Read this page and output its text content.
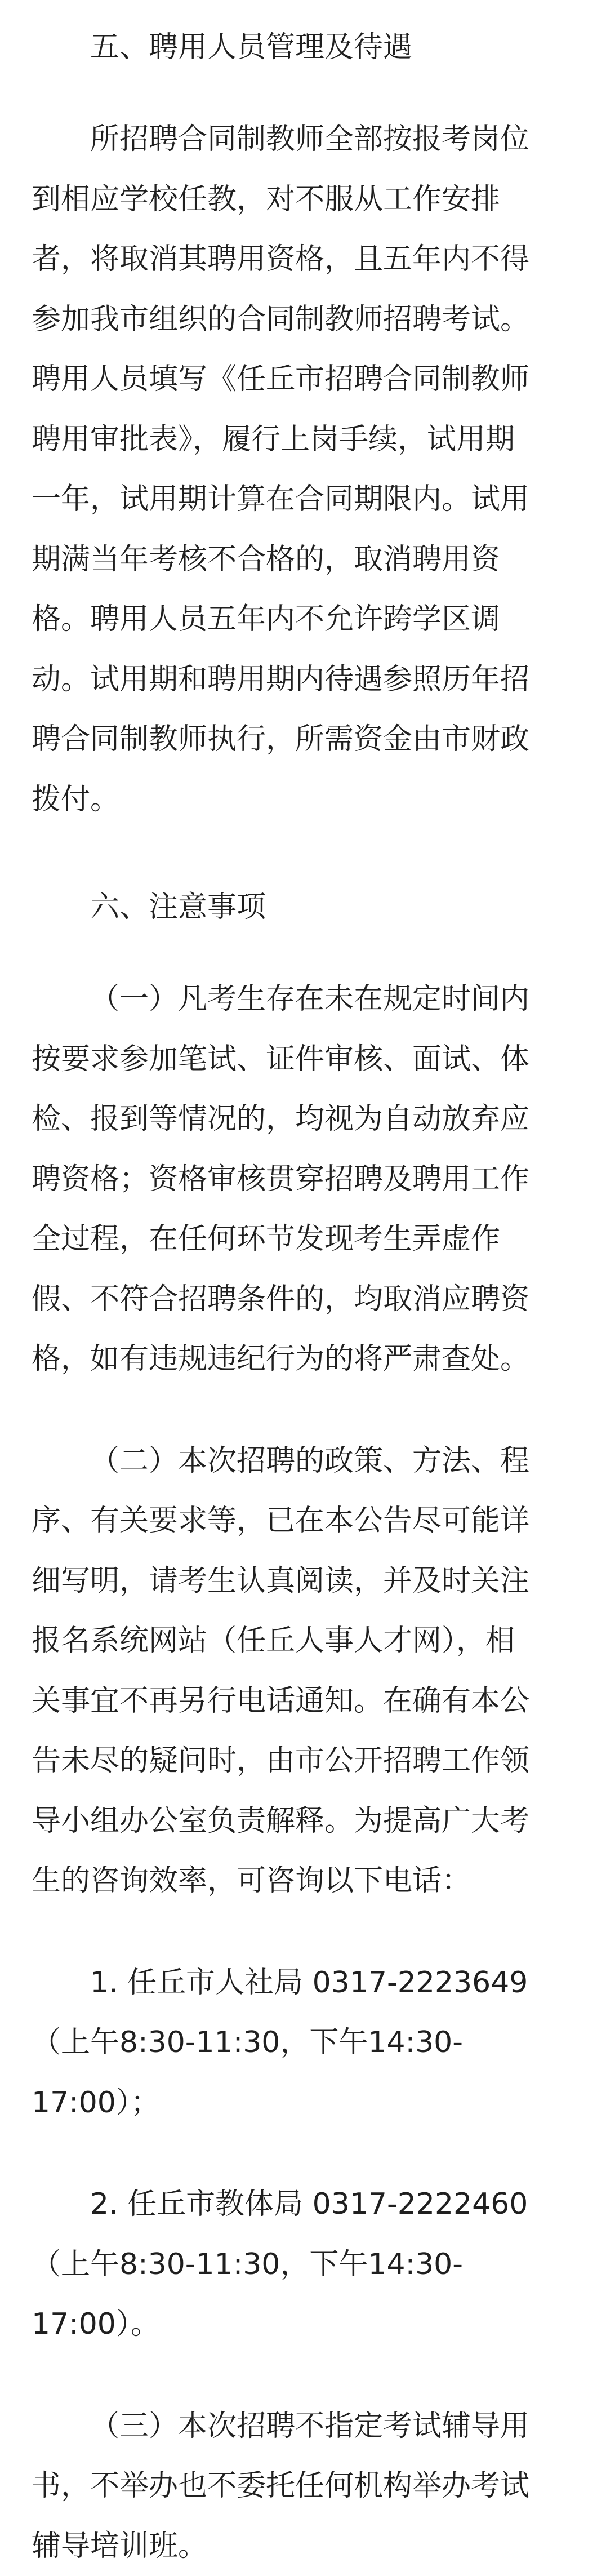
五、聘用人员管理及待遇

所招聘合同制教师全部按报考岗位
到相应学校任教，对不服从工作安排
者，将取消其聘用资格，且五年内不得
参加我市组织的合同制教师招聘考试。
聘用人员填写《任丘市招聘合同制教师
聘用审批表》，履行上岗手续，试用期
一年，试用期计算在合同期限内。试用
期满当年考核不合格的，取消聘用资
格。聘用人员五年内不允许跨学区调
动。试用期和聘用期内待遇参照历年招
聘合同制教师执行，所需资金由市财政
拨付。

六、注意事项

（一）凡考生存在未在规定时间内
按要求参加笔试、证件审核、面试、体
检、报到等情况的，均视为自动放弃应
聘资格；资格审核贯穿招聘及聘用工作
全过程，在任何环节发现考生弄虚作
假、不符合招聘条件的，均取消应聘资
格，如有违规违纪行为的将严肃查处。

（二）本次招聘的政策、方法、程
序、有关要求等，已在本公告尽可能详
细写明，请考生认真阅读，并及时关注
报名系统网站（任丘人事人才网），相
关事宜不再另行电话通知。在确有本公
告未尽的疑问时，由市公开招聘工作领
导小组办公室负责解释。为提高广大考
生的咨询效率，可咨询以下电话：

1. 任丘市人社局 0317-2223649
（上午8:30-11:30，下午14:30-
17:00）；

2. 任丘市教体局 0317-2222460
（上午8:30-11:30，下午14:30-
17:00）。

（三）本次招聘不指定考试辅导用
书，不举办也不委托任何机构举办考试
辅导培训班。
